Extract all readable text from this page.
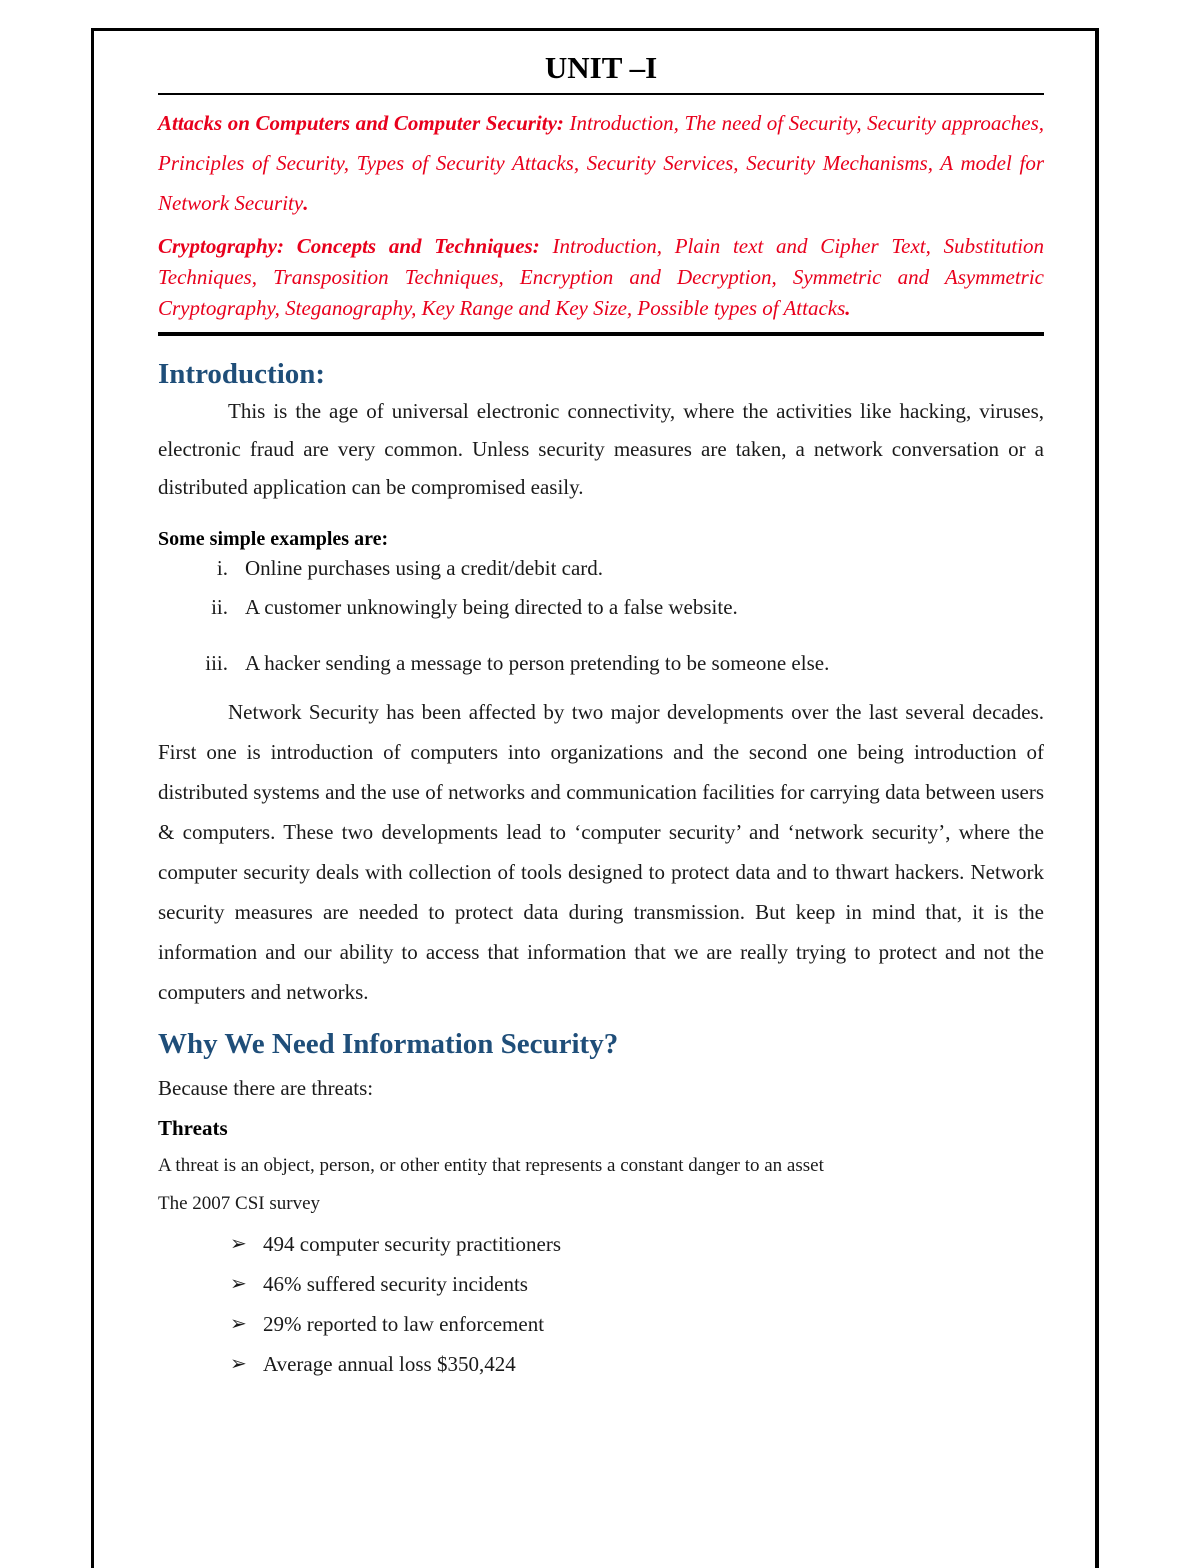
UNIT –I

Attacks on Computers and Computer Security: Introduction, The need of Security, Security approaches, Principles of Security, Types of Security Attacks, Security Services, Security Mechanisms, A model for Network Security.

Cryptography: Concepts and Techniques: Introduction, Plain text and Cipher Text, Substitution Techniques, Transposition Techniques, Encryption and Decryption, Symmetric and Asymmetric Cryptography, Steganography, Key Range and Key Size, Possible types of Attacks.

Introduction:

This is the age of universal electronic connectivity, where the activities like hacking, viruses, electronic fraud are very common. Unless security measures are taken, a network conversation or a distributed application can be compromised easily.

Some simple examples are:

i. Online purchases using a credit/debit card.
ii. A customer unknowingly being directed to a false website.
iii. A hacker sending a message to person pretending to be someone else.

Network Security has been affected by two major developments over the last several decades. First one is introduction of computers into organizations and the second one being introduction of distributed systems and the use of networks and communication facilities for carrying data between users & computers. These two developments lead to ‘computer security’ and ‘network security’, where the computer security deals with collection of tools designed to protect data and to thwart hackers. Network security measures are needed to protect data during transmission. But keep in mind that, it is the information and our ability to access that information that we are really trying to protect and not the computers and networks.

Why We Need Information Security?

Because there are threats:

Threats

A threat is an object, person, or other entity that represents a constant danger to an asset

The 2007 CSI survey

➢ 494 computer security practitioners
➢ 46% suffered security incidents
➢ 29% reported to law enforcement
➢ Average annual loss $350,424
